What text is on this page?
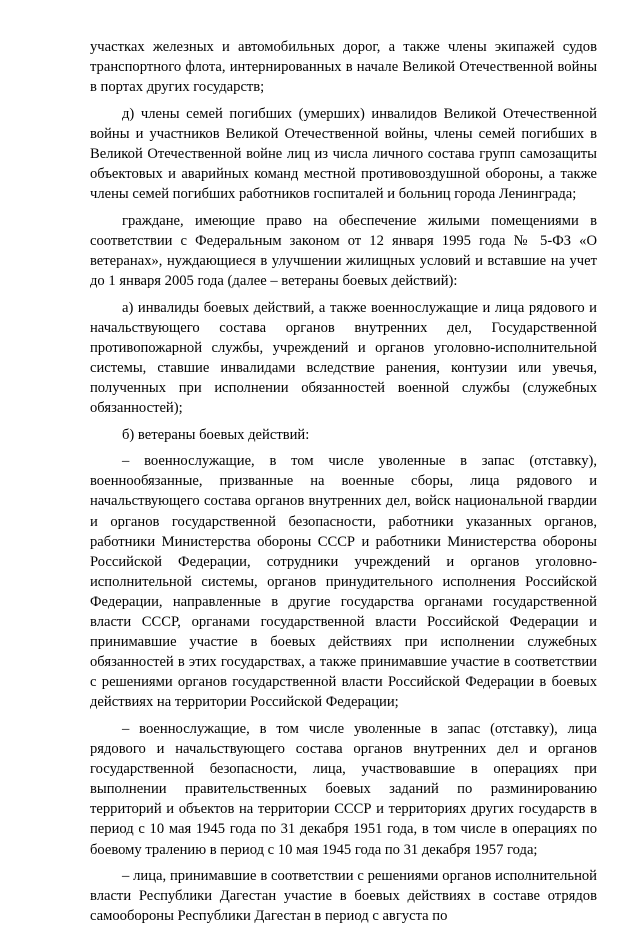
участках железных и автомобильных дорог, а также члены экипажей судов транспортного флота, интернированных в начале Великой Отечественной войны в портах других государств;

д) члены семей погибших (умерших) инвалидов Великой Отечественной войны и участников Великой Отечественной войны, члены семей погибших в Великой Отечественной войне лиц из числа личного состава групп самозащиты объектовых и аварийных команд местной противовоздушной обороны, а также члены семей погибших работников госпиталей и больниц города Ленинграда;

граждане, имеющие право на обеспечение жилыми помещениями в соответствии с Федеральным законом от 12 января 1995 года № 5-ФЗ «О ветеранах», нуждающиеся в улучшении жилищных условий и вставшие на учет до 1 января 2005 года (далее – ветераны боевых действий):

а) инвалиды боевых действий, а также военнослужащие и лица рядового и начальствующего состава органов внутренних дел, Государственной противопожарной службы, учреждений и органов уголовно-исполнительной системы, ставшие инвалидами вследствие ранения, контузии или увечья, полученных при исполнении обязанностей военной службы (служебных обязанностей);

б) ветераны боевых действий:

– военнослужащие, в том числе уволенные в запас (отставку), военнообязанные, призванные на военные сборы, лица рядового и начальствующего состава органов внутренних дел, войск национальной гвардии и органов государственной безопасности, работники указанных органов, работники Министерства обороны СССР и работники Министерства обороны Российской Федерации, сотрудники учреждений и органов уголовно-исполнительной системы, органов принудительного исполнения Российской Федерации, направленные в другие государства органами государственной власти СССР, органами государственной власти Российской Федерации и принимавшие участие в боевых действиях при исполнении служебных обязанностей в этих государствах, а также принимавшие участие в соответствии с решениями органов государственной власти Российской Федерации в боевых действиях на территории Российской Федерации;

– военнослужащие, в том числе уволенные в запас (отставку), лица рядового и начальствующего состава органов внутренних дел и органов государственной безопасности, лица, участвовавшие в операциях при выполнении правительственных боевых заданий по разминированию территорий и объектов на территории СССР и территориях других государств в период с 10 мая 1945 года по 31 декабря 1951 года, в том числе в операциях по боевому тралению в период с 10 мая 1945 года по 31 декабря 1957 года;

– лица, принимавшие в соответствии с решениями органов исполнительной власти Республики Дагестан участие в боевых действиях в составе отрядов самообороны Республики Дагестан в период с августа по
